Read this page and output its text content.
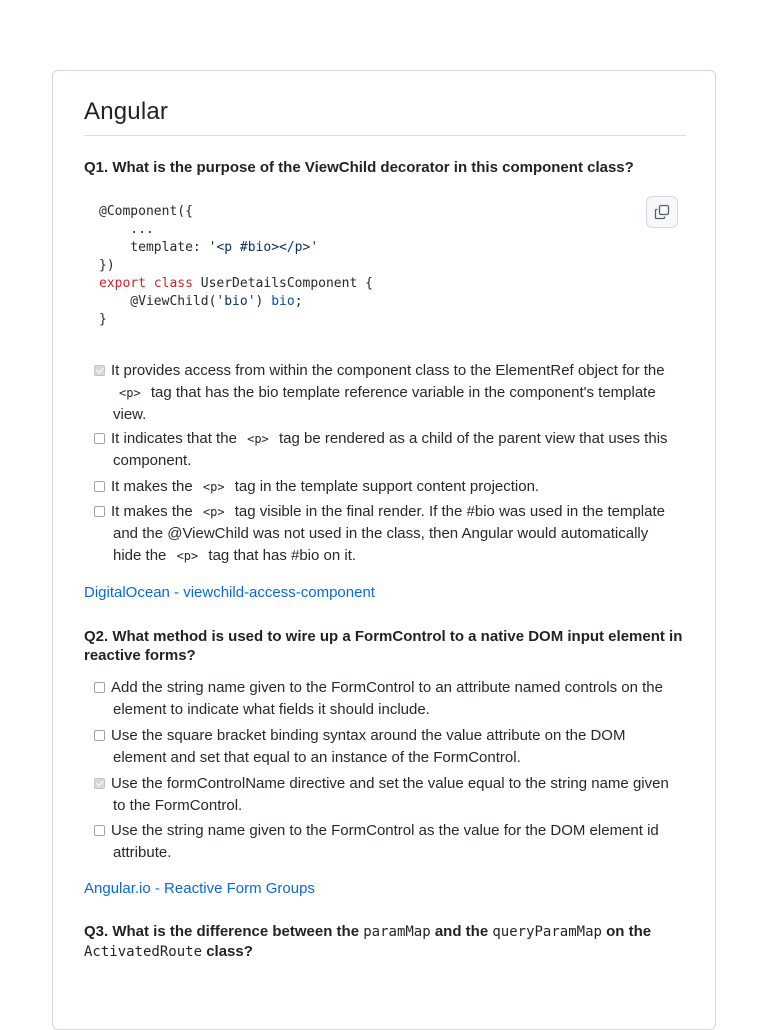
Angular

Q1. What is the purpose of the ViewChild decorator in this component class?

@Component({
...
template: '<p #bio></p>'
})
export class UserDetailsComponent {
@ViewChild('bio') bio;
}
It provides access from within the component class to the ElementRef object for the <p> tag that has the bio template reference variable in the component's template view.
It indicates that the <p> tag be rendered as a child of the parent view that uses this component.
It makes the <p> tag in the template support content projection.
It makes the <p> tag visible in the final render. If the #bio was used in the template and the @ViewChild was not used in the class, then Angular would automatically hide the <p> tag that has #bio on it.
DigitalOcean - viewchild-access-component

Q2. What method is used to wire up a FormControl to a native DOM input element in reactive forms?

Add the string name given to the FormControl to an attribute named controls on the element to indicate what fields it should include.
Use the square bracket binding syntax around the value attribute on the DOM element and set that equal to an instance of the FormControl.
Use the formControlName directive and set the value equal to the string name given to the FormControl.
Use the string name given to the FormControl as the value for the DOM element id attribute.
Angular.io - Reactive Form Groups

Q3. What is the difference between the paramMap and the queryParamMap on the ActivatedRoute class?
